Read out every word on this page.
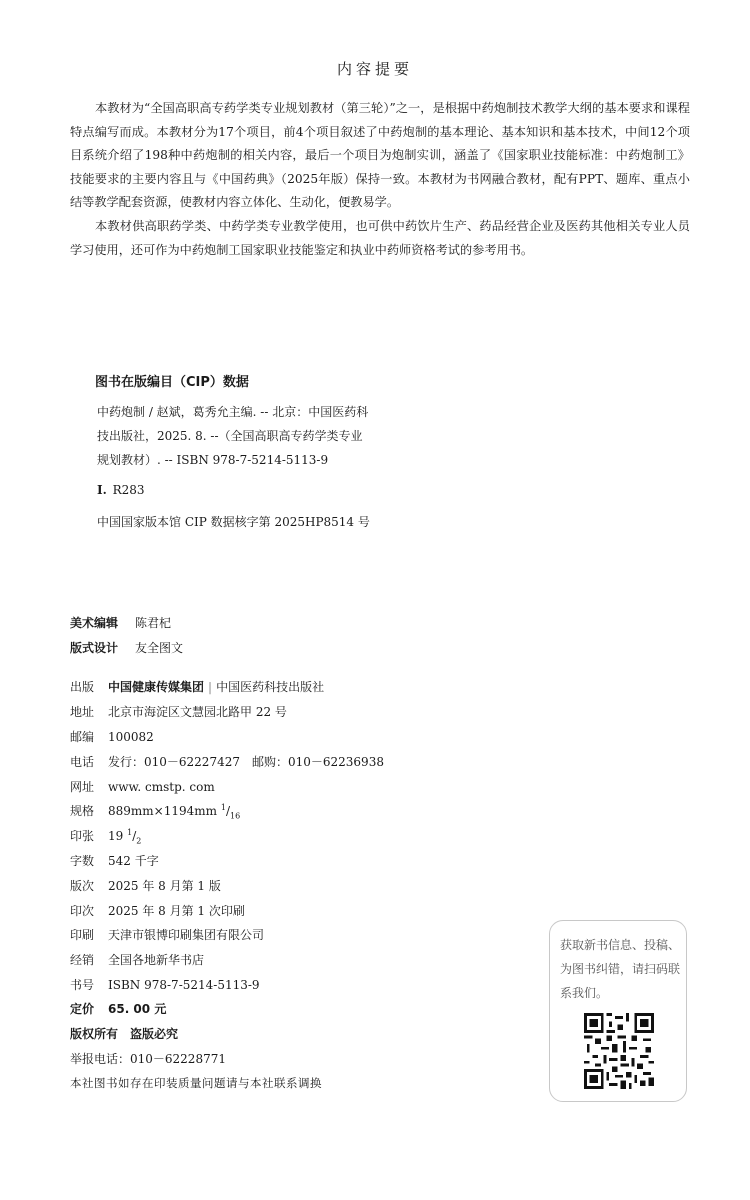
内容提要

本教材为“全国高职高专药学类专业规划教材（第三轮）”之一，是根据中药炮制技术教学大纲的基本要求和课程特点编写而成。本教材分为17个项目，前4个项目叙述了中药炮制的基本理论、基本知识和基本技术，中间12个项目系统介绍了198种中药炮制的相关内容，最后一个项目为炮制实训，涵盖了《国家职业技能标准：中药炮制工》技能要求的主要内容且与《中国药典》（2025年版）保持一致。本教材为书网融合教材，配有PPT、题库、重点小结等教学配套资源，使教材内容立体化、生动化，便教易学。

本教材供高职药学类、中药学类专业教学使用，也可供中药饮片生产、药品经营企业及医药其他相关专业人员学习使用，还可作为中药炮制工国家职业技能鉴定和执业中药师资格考试的参考用书。

图书在版编目（CIP）数据

中药炮制 / 赵斌，葛秀允主编. -- 北京：中国医药科技出版社，2025. 8. --（全国高职高专药学类专业规划教材）. -- ISBN 978-7-5214-5113-9

Ⅰ. R283
中国国家版本馆 CIP 数据核字第 2025HP8514 号
美术编辑 陈君杞
版式设计 友全图文
出版 中国健康传媒集团 | 中国医药科技出版社
地址 北京市海淀区文慧园北路甲 22 号
邮编 100082
电话 发行：010－62227427　邮购：010－62236938
网址 www. cmstp. com
规格 889mm×1194mm $^1/_{16}$
印张 19 $^1/_2$
字数 542 千字
版次 2025 年 8 月第 1 版
印次 2025 年 8 月第 1 次印刷
印刷 天津市银博印刷集团有限公司
经销 全国各地新华书店
书号 ISBN 978-7-5214-5113-9
定价 65. 00 元
版权所有　盗版必究
举报电话：010－62228771
本社图书如存在印装质量问题请与本社联系调换
获取新书信息、投稿、为图书纠错，请扫码联系我们。
